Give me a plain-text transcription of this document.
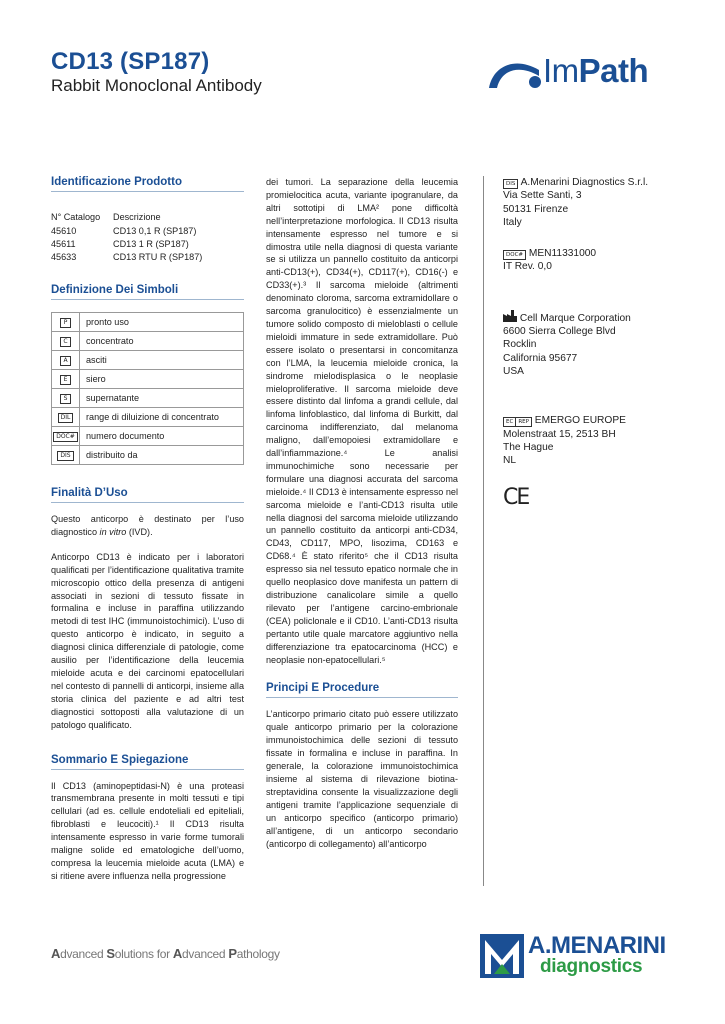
CD13 (SP187)
Rabbit Monoclonal Antibody	ImPath
Identificazione Prodotto
N° Catalogo	Descrizione
45610	CD13 0,1 R (SP187)
45611	CD13 1 R (SP187)
45633	CD13 RTU R (SP187)
Definizione Dei Simboli
P	pronto uso
C	concentrato
A	asciti
E	siero
S	supernatante
DIL	range di diluizione di concentrato
DOC#	numero documento
DIS	distribuito da
Finalità D’Uso

Questo anticorpo è destinato per l’uso diagnostico in vitro (IVD).

Anticorpo CD13 è indicato per i laboratori qualificati per l’identificazione qualitativa tramite microscopio ottico della presenza di antigeni associati in sezioni di tessuto fissate in formalina e incluse in paraffina utilizzando metodi di test IHC (immunoistochimici). L’uso di questo anticorpo è indicato, in seguito a diagnosi clinica differenziale di patologie, come ausilio per l’identificazione della leucemia mieloide acuta e dei carcinomi epatocellulari nel contesto di pannelli di anticorpi, insieme alla storia clinica del paziente e ad altri test diagnostici sottoposti alla valutazione di un patologo qualificato.

Sommario E Spiegazione

Il CD13 (aminopeptidasi-N) è una proteasi transmembrana presente in molti tessuti e tipi cellulari (ad es. cellule endoteliali ed epiteliali, fibroblasti e leucociti).¹ Il CD13 risulta intensamente espresso in varie forme tumorali maligne solide ed ematologiche dell’uomo, compresa la leucemia mieloide acuta (LMA) e si ritiene avere influenza nella progressione

dei tumori. La separazione della leucemia promielocitica acuta, variante ipogranulare, da altri sottotipi di LMA² pone difficoltà nell’interpretazione morfologica. Il CD13 risulta intensamente espresso nel tumore e si dimostra utile nella diagnosi di questa variante se si utilizza un pannello costituito da anticorpi anti-CD13(+), CD34(+), CD117(+), CD16(-) e CD33(+).³ Il sarcoma mieloide (altrimenti denominato cloroma, sarcoma extramidollare o sarcoma granulocitico) è essenzialmente un tumore solido composto di mieloblasti o cellule mieloidi immature in sede extramidollare. Può essere isolato o presentarsi in concomitanza con l’LMA, la leucemia mieloide cronica, la sindrome mielodisplasica o le neoplasie mieloproliferative. Il sarcoma mieloide deve essere distinto dal linfoma a grandi cellule, dal linfoma linfoblastico, dal linfoma di Burkitt, dal carcinoma indifferenziato, dal melanoma maligno, dall’emopoiesi extramidollare e dall’infiammazione.⁴ Le analisi immunochimiche sono necessarie per formulare una diagnosi accurata del sarcoma mieloide.⁴ Il CD13 è intensamente espresso nel sarcoma mieloide e l’anti-CD13 risulta utile nella diagnosi del sarcoma mieloide utilizzando un pannello costituito da anticorpi anti-CD34, CD43, CD117, MPO, lisozima, CD163 e CD68.⁴ È stato riferito⁵ che il CD13 risulta espresso sia nel tessuto epatico normale che in quello neoplasico dove manifesta un pattern di distribuzione canalicolare simile a quello rilevato per l’antigene carcino-embrionale (CEA) policlonale e il CD10. L’anti-CD13 risulta pertanto utile quale marcatore aggiuntivo nella differenziazione tra epatocarcinoma (HCC) e neoplasie non-epatocellulari.⁵

Principi E Procedure

L’anticorpo primario citato può essere utilizzato quale anticorpo primario per la colorazione immunoistochimica delle sezioni di tessuto fissate in formalina e incluse in paraffina. In generale, la colorazione immunoistochimica insieme al sistema di rilevazione biotina-streptavidina consente la visualizzazione degli antigeni tramite l’applicazione sequenziale di un anticorpo specifico (anticorpo primario) all’antigene, di un anticorpo secondario (anticorpo di collegamento) all’anticorpo

DIS A.Menarini Diagnostics S.r.l.
Via Sette Santi, 3
50131 Firenze
Italy
DOC# MEN11331000
IT Rev. 0,0
Cell Marque Corporation
6600 Sierra College Blvd
Rocklin
California 95677
USA
EC REP EMERGO EUROPE
Molenstraat 15, 2513 BH
The Hague
NL
CE
Advanced Solutions for Advanced Pathology	A.MENARINI
diagnostics
